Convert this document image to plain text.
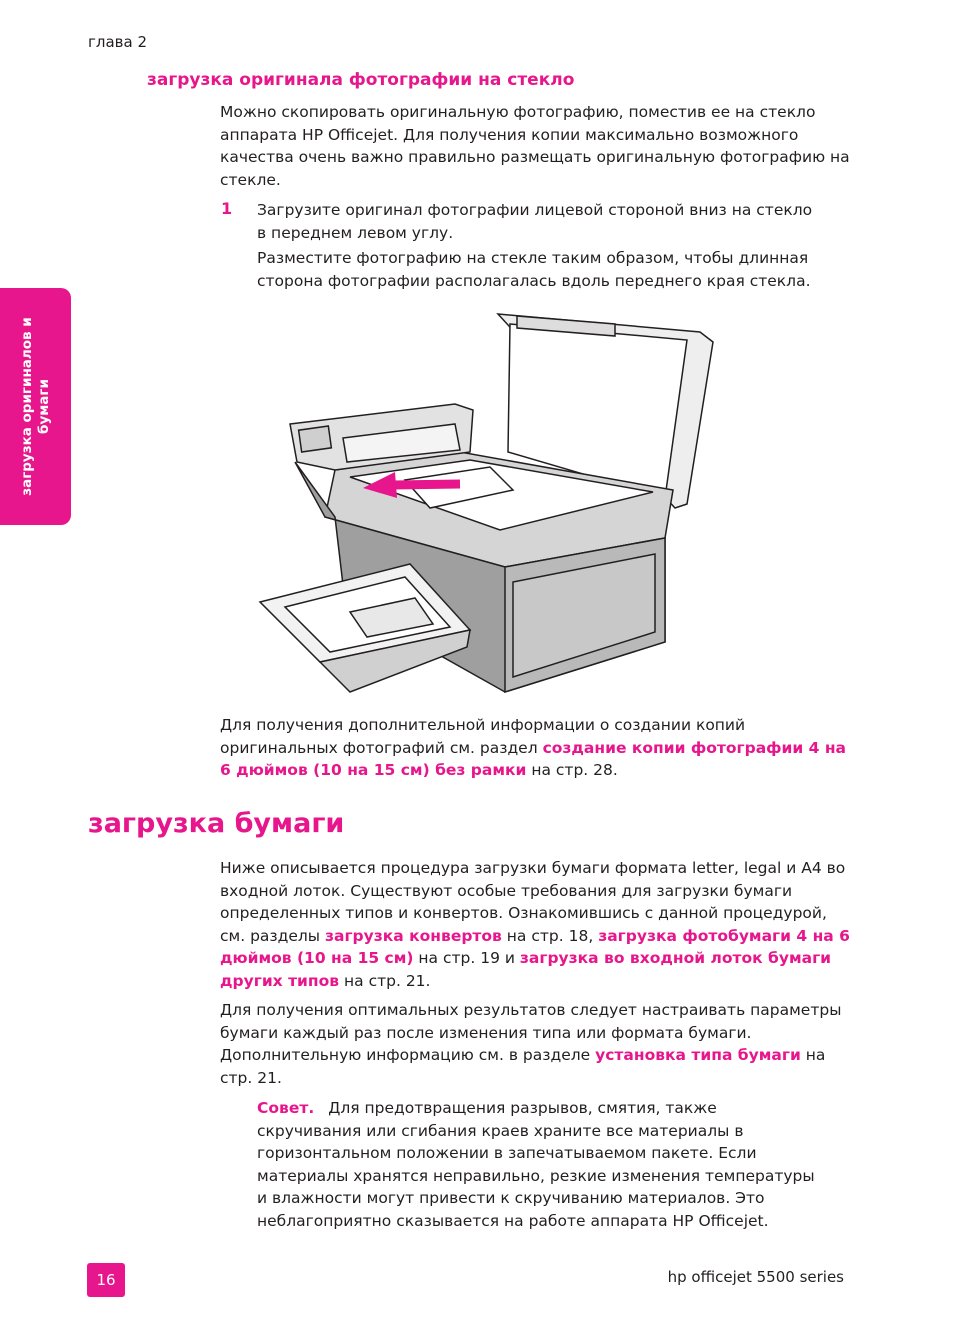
глава 2
загрузка оригинала фотографии на стекло
Можно скопировать оригинальную фотографию, поместив ее на стекло аппарата HP Officejet. Для получения копии максимально возможного качества очень важно правильно размещать оригинальную фотографию на стекле.
1 Загрузите оригинал фотографии лицевой стороной вниз на стекло в переднем левом углу.
Разместите фотографию на стекле таким образом, чтобы длинная сторона фотографии располагалась вдоль переднего края стекла.
загрузка оригиналов и бумаги
Для получения дополнительной информации о создании копий оригинальных фотографий см. раздел создание копии фотографии 4 на 6 дюймов (10 на 15 см) без рамки на стр. 28.
загрузка бумаги
Ниже описывается процедура загрузки бумаги формата letter, legal и A4 во входной лоток. Существуют особые требования для загрузки бумаги определенных типов и конвертов. Ознакомившись с данной процедурой, см. разделы загрузка конвертов на стр. 18, загрузка фотобумаги 4 на 6 дюймов (10 на 15 см) на стр. 19 и загрузка во входной лоток бумаги других типов на стр. 21.
Для получения оптимальных результатов следует настраивать параметры бумаги каждый раз после изменения типа или формата бумаги. Дополнительную информацию см. в разделе установка типа бумаги на стр. 21.
Совет. Для предотвращения разрывов, смятия, также скручивания или сгибания краев храните все материалы в горизонтальном положении в запечатываемом пакете. Если материалы хранятся неправильно, резкие изменения температуры и влажности могут привести к скручиванию материалов. Это неблагоприятно сказывается на работе аппарата HP Officejet.
16	hp officejet 5500 series
